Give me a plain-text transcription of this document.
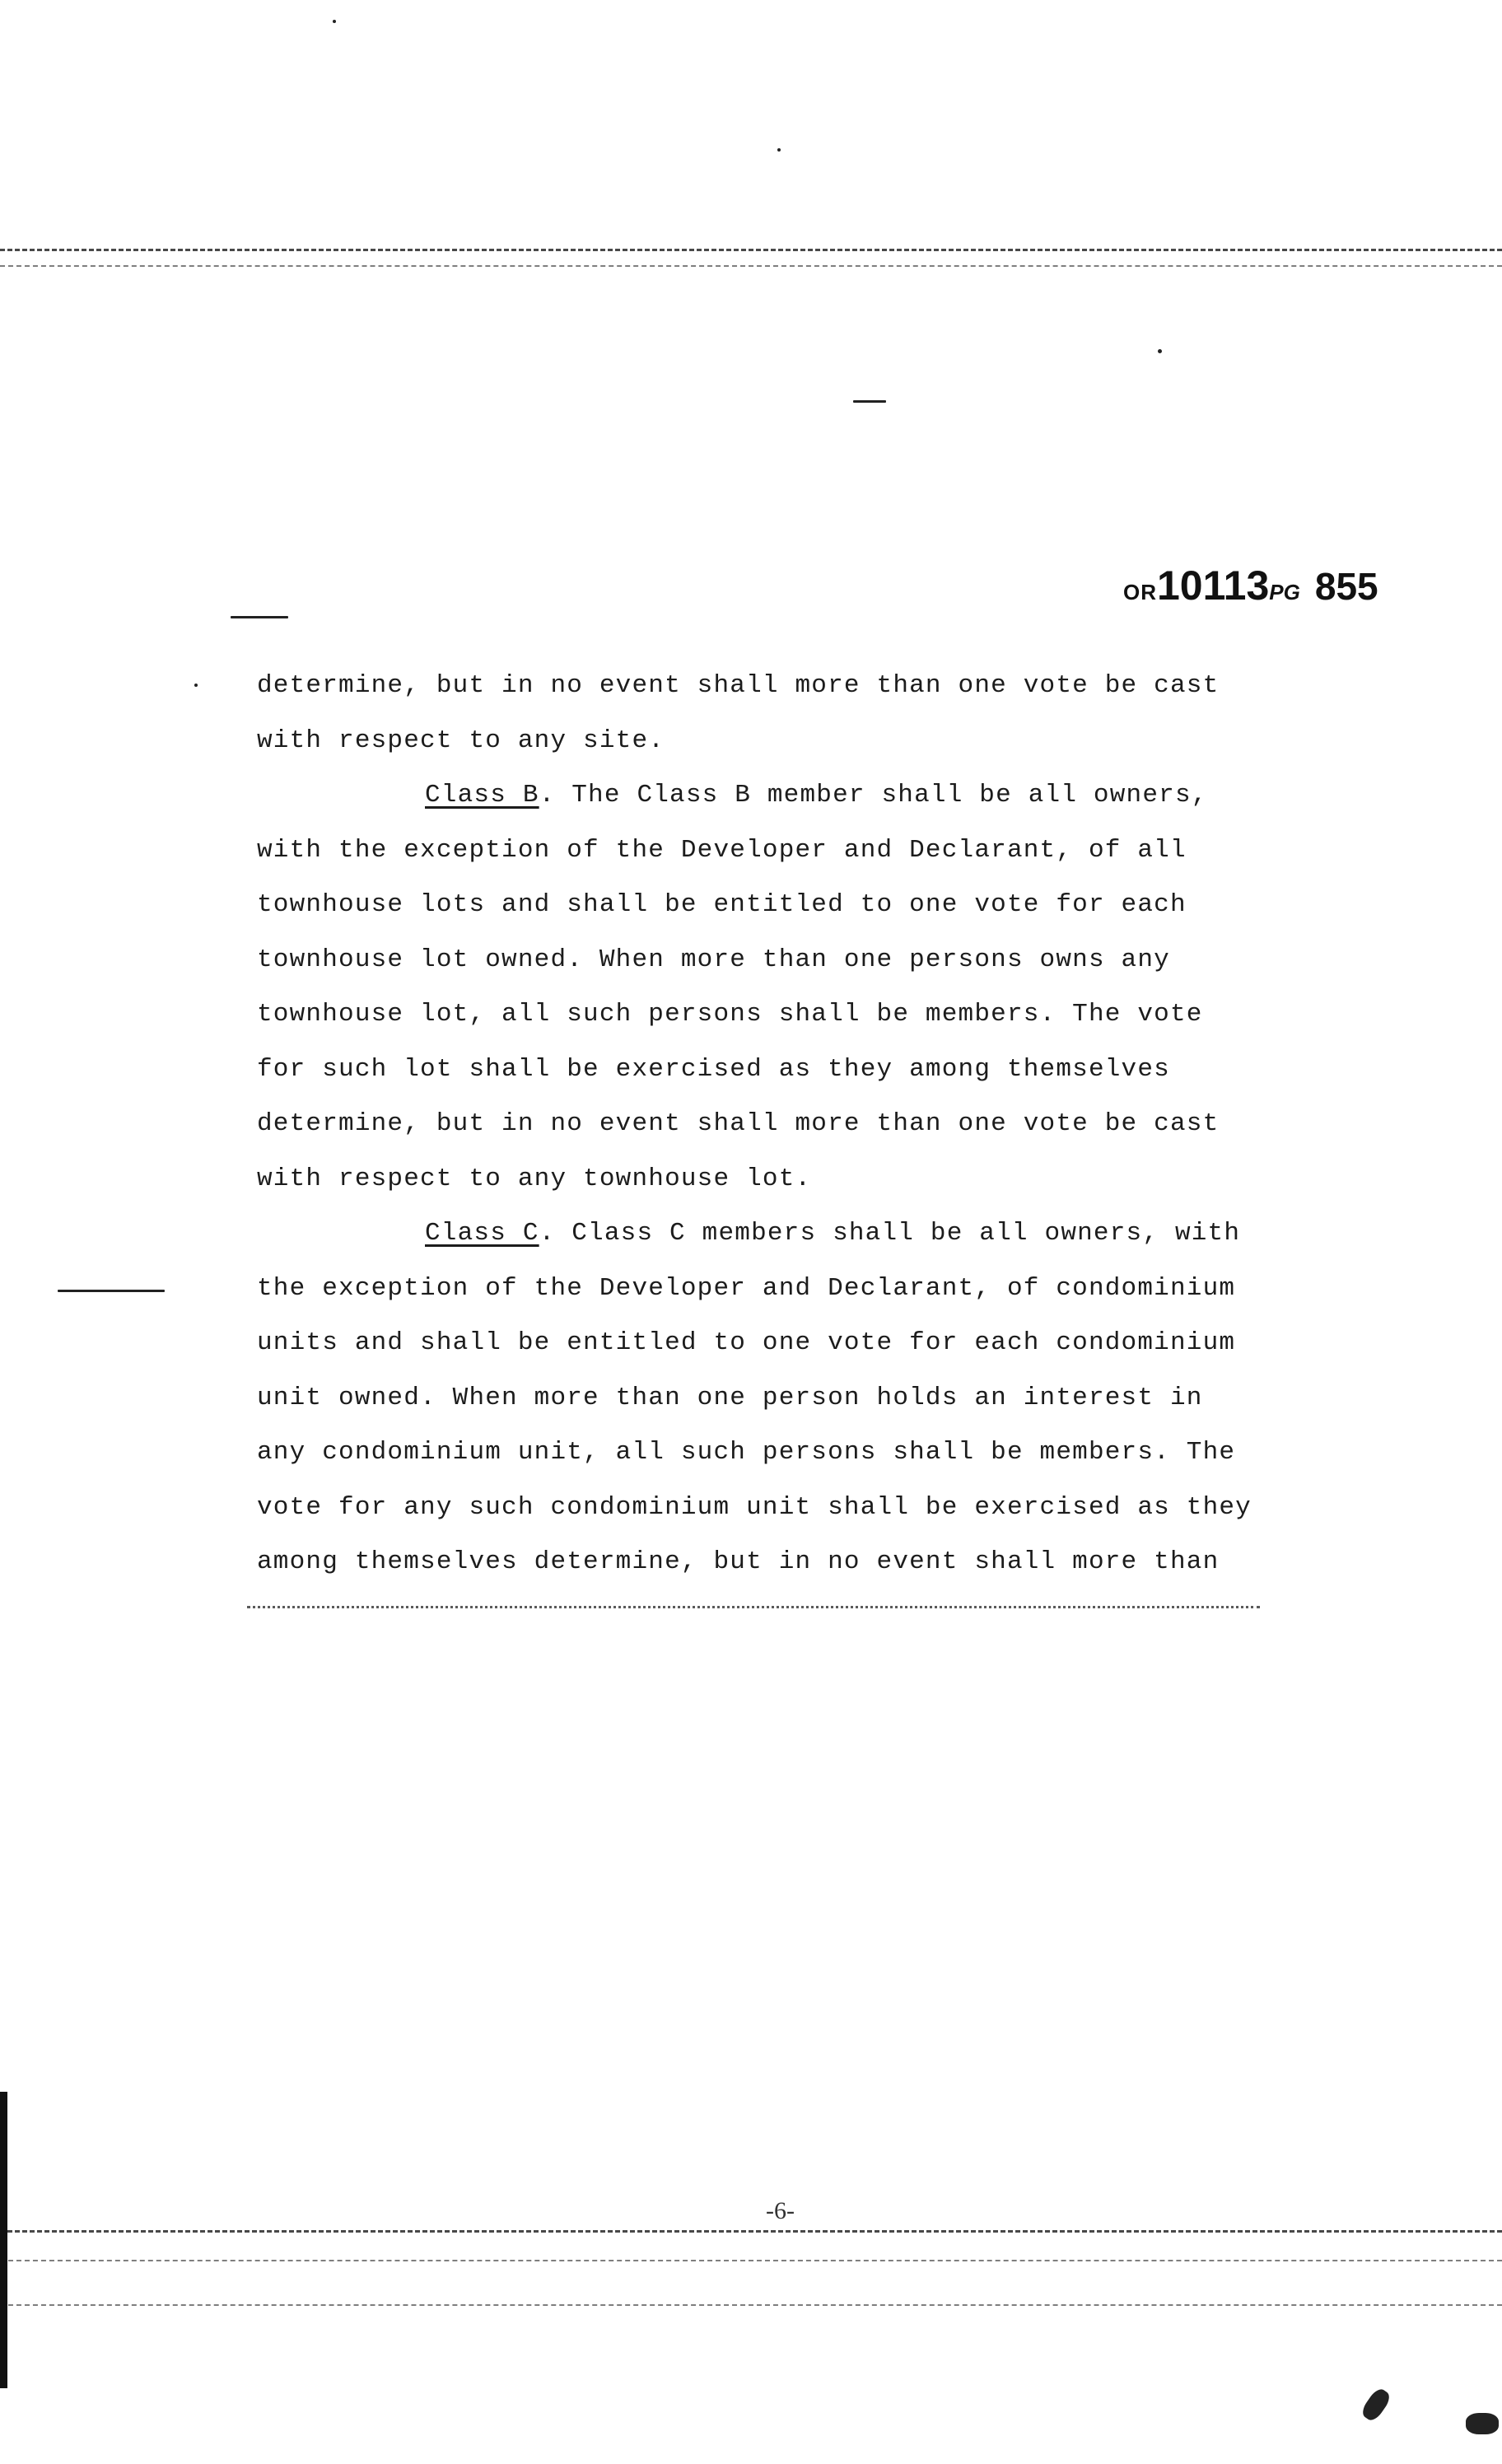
OR10113PG 855

determine, but in no event shall more than one vote be cast
with respect to any site.

Class B. The Class B member shall be all owners,
with the exception of the Developer and Declarant, of all
townhouse lots and shall be entitled to one vote for each
townhouse lot owned. When more than one persons owns any
townhouse lot, all such persons shall be members. The vote
for such lot shall be exercised as they among themselves
determine, but in no event shall more than one vote be cast
with respect to any townhouse lot.

Class C. Class C members shall be all owners, with
the exception of the Developer and Declarant, of condominium
units and shall be entitled to one vote for each condominium
unit owned. When more than one person holds an interest in
any condominium unit, all such persons shall be members. The
vote for any such condominium unit shall be exercised as they
among themselves determine, but in no event shall more than

-6-
